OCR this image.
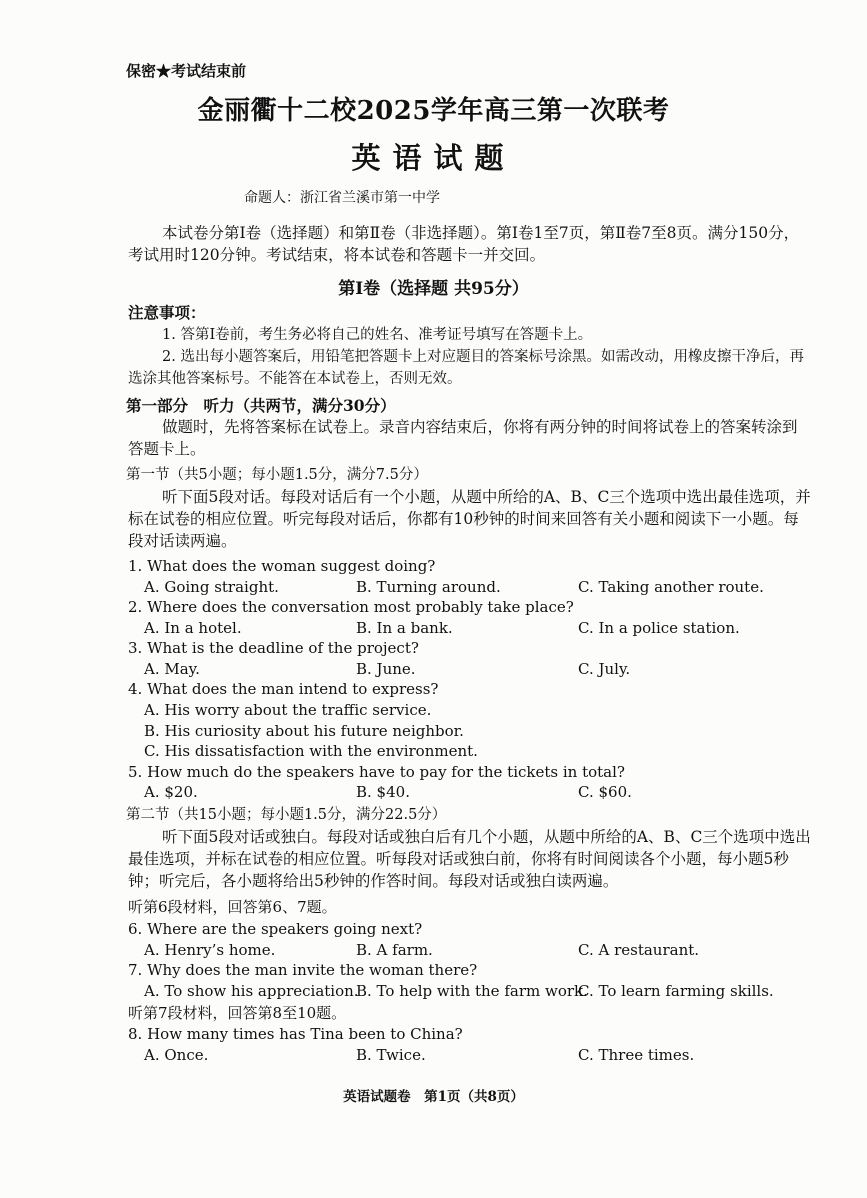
保密★考试结束前
金丽衢十二校2025学年高三第一次联考
英语试题
命题人：浙江省兰溪市第一中学
本试卷分第Ⅰ卷（选择题）和第Ⅱ卷（非选择题）。第Ⅰ卷1至7页，第Ⅱ卷7至8页。满分150分，考试用时120分钟。考试结束，将本试卷和答题卡一并交回。
第Ⅰ卷（选择题 共95分）
注意事项：
1. 答第Ⅰ卷前，考生务必将自己的姓名、准考证号填写在答题卡上。
2. 选出每小题答案后，用铅笔把答题卡上对应题目的答案标号涂黑。如需改动，用橡皮擦干净后，再选涂其他答案标号。不能答在本试卷上，否则无效。
第一部分　听力（共两节，满分30分）
做题时，先将答案标在试卷上。录音内容结束后，你将有两分钟的时间将试卷上的答案转涂到答题卡上。
第一节（共5小题；每小题1.5分，满分7.5分）
听下面5段对话。每段对话后有一个小题，从题中所给的A、B、C三个选项中选出最佳选项，并标在试卷的相应位置。听完每段对话后，你都有10秒钟的时间来回答有关小题和阅读下一小题。每段对话读两遍。
1. What does the woman suggest doing?
A. Going straight.	B. Turning around.	C. Taking another route.
2. Where does the conversation most probably take place?
A. In a hotel.	B. In a bank.	C. In a police station.
3. What is the deadline of the project?
A. May.	B. June.	C. July.
4. What does the man intend to express?
A. His worry about the traffic service.
B. His curiosity about his future neighbor.
C. His dissatisfaction with the environment.
5. How much do the speakers have to pay for the tickets in total?
A. $20.	B. $40.	C. $60.
第二节（共15小题；每小题1.5分，满分22.5分）
听下面5段对话或独白。每段对话或独白后有几个小题，从题中所给的A、B、C三个选项中选出最佳选项，并标在试卷的相应位置。听每段对话或独白前，你将有时间阅读各个小题，每小题5秒钟；听完后，各小题将给出5秒钟的作答时间。每段对话或独白读两遍。
听第6段材料，回答第6、7题。
6. Where are the speakers going next?
A. Henry’s home.	B. A farm.	C. A restaurant.
7. Why does the man invite the woman there?
A. To show his appreciation.
B. To help with the farm work.
C. To learn farming skills.
听第7段材料，回答第8至10题。
8. How many times has Tina been to China?
A. Once.	B. Twice.	C. Three times.
英语试题卷　第1页（共8页）
